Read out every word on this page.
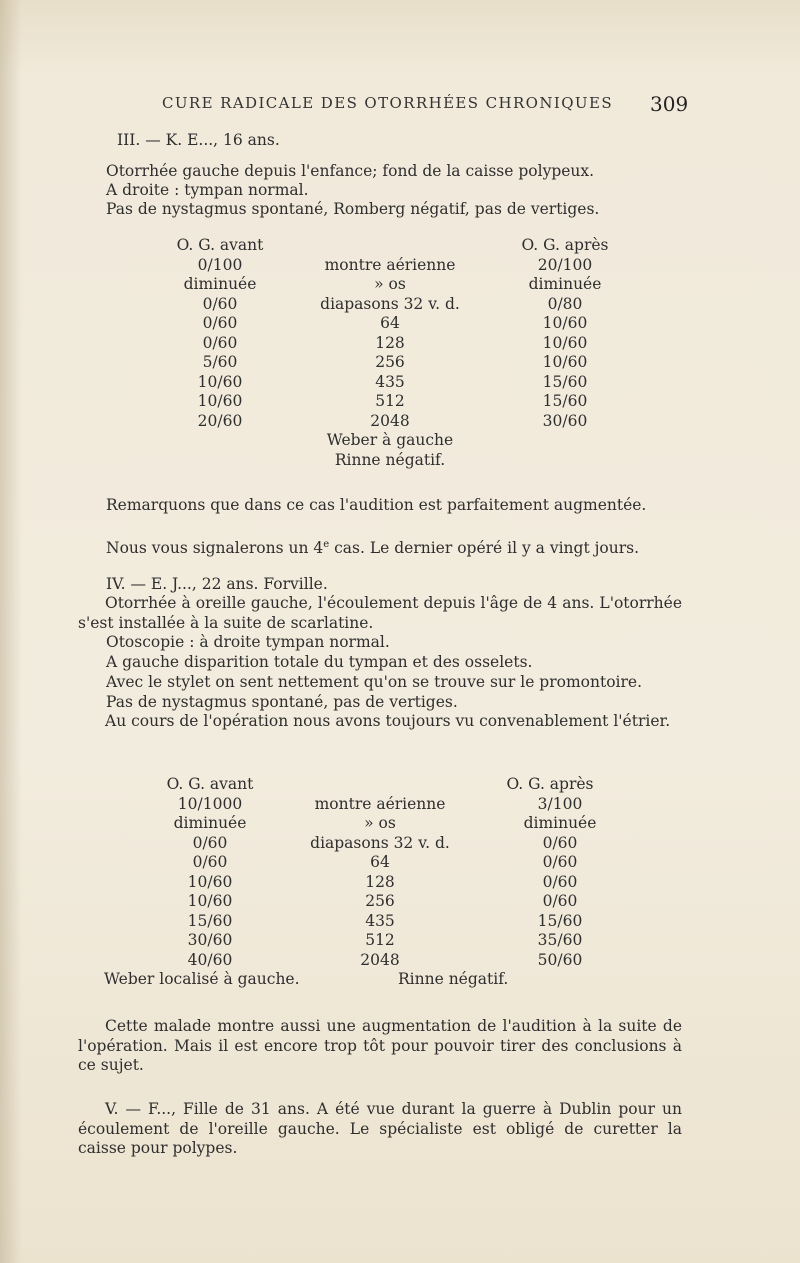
CURE RADICALE DES OTORRHÉES CHRONIQUES	309
III. — K. E..., 16 ans.
Otorrhée gauche depuis l'enfance; fond de la caisse polypeux.
A droite : tympan normal.
Pas de nystagmus spontané, Romberg négatif, pas de vertiges.
O. G. avant	O. G. après
0/100	montre aérienne	20/100
diminuée	» os	diminuée
0/60	diapasons 32 v. d.	0/80
0/60	64	10/60
0/60	128	10/60
5/60	256	10/60
10/60	435	15/60
10/60	512	15/60
20/60	2048	30/60
Weber à gauche
Rinne négatif.
Remarquons que dans ce cas l'audition est parfaitement augmentée.
Nous vous signalerons un 4e cas. Le dernier opéré il y a vingt jours.
IV. — E. J..., 22 ans. Forville.
Otorrhée à oreille gauche, l'écoulement depuis l'âge de 4 ans. L'otorrhée s'est installée à la suite de scarlatine.
Otoscopie : à droite tympan normal.
A gauche disparition totale du tympan et des osselets.
Avec le stylet on sent nettement qu'on se trouve sur le promontoire.
Pas de nystagmus spontané, pas de vertiges.
Au cours de l'opération nous avons toujours vu convenablement l'étrier.
O. G. avant	O. G. après
10/1000	montre aérienne	3/100
diminuée	» os	diminuée
0/60	diapasons 32 v. d.	0/60
0/60	64	0/60
10/60	128	0/60
10/60	256	0/60
15/60	435	15/60
30/60	512	35/60
40/60	2048	50/60
Weber localisé à gauche.	Rinne négatif.
Cette malade montre aussi une augmentation de l'audition à la suite de l'opération. Mais il est encore trop tôt pour pouvoir tirer des conclusions à ce sujet.
V. — F..., Fille de 31 ans. A été vue durant la guerre à Dublin pour un écoulement de l'oreille gauche. Le spécialiste est obligé de curetter la caisse pour polypes.
